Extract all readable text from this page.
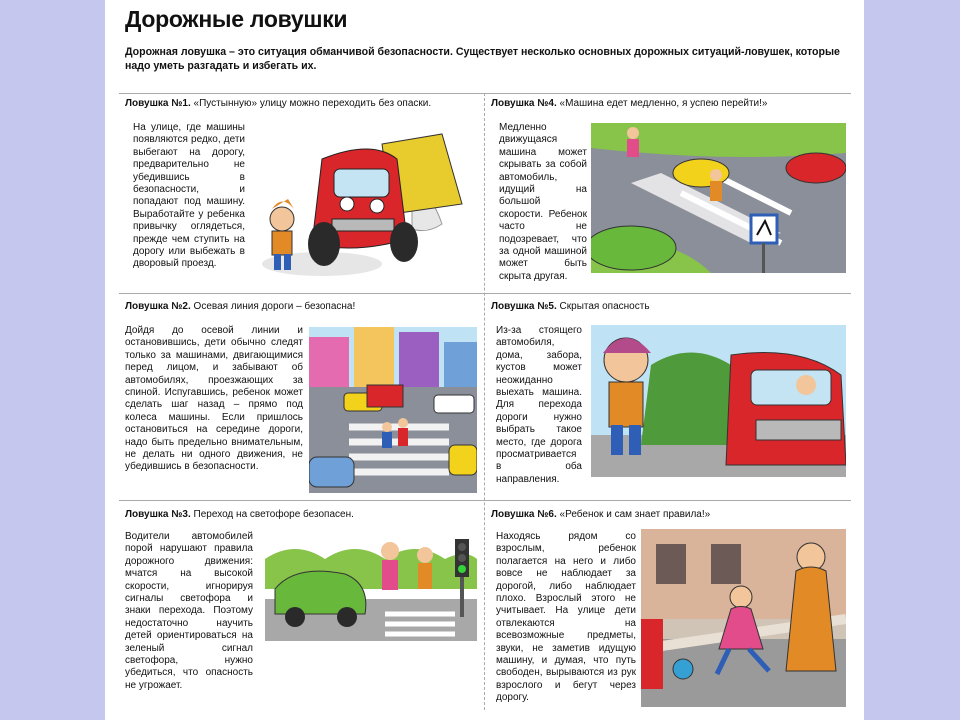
Дорожные ловушки
Дорожная ловушка – это ситуация обманчивой безопасности. Существует несколько основных дорожных ситуаций-ловушек, которые надо уметь разгадать и избегать их.
Ловушка №1. «Пустынную» улицу можно переходить без опаски.
На улице, где машины появляются редко, дети выбегают на дорогу, предварительно не убедившись в безопасности, и попадают под машину. Выработайте у ребенка привычку оглядеться, прежде чем ступить на дорогу или выбежать в дворовый проезд.
Ловушка №4. «Машина едет медленно, я успею перейти!»
Медленно движущаяся машина может скрывать за собой автомобиль, идущий на большой скорости. Ребенок часто не подозревает, что за одной машиной может быть скрыта другая.
Ловушка №2. Осевая линия дороги – безопасна!
Дойдя до осевой линии и остановившись, дети обычно следят только за машинами, двигающимися перед лицом, и забывают об автомобилях, проезжающих за спиной. Испугавшись, ребенок может сделать шаг назад – прямо под колеса машины. Если пришлось остановиться на середине дороги, надо быть предельно внимательным, не делать ни одного движения, не убедившись в безопасности.
Ловушка №5. Скрытая опасность
Из-за стоящего автомобиля, дома, забора, кустов может неожиданно выехать машина. Для перехода дороги нужно выбрать такое место, где дорога просматривается в оба направления.
Ловушка №3. Переход на светофоре безопасен.
Водители автомобилей порой нарушают правила дорожного движения: мчатся на высокой скорости, игнорируя сигналы светофора и знаки перехода. Поэтому недостаточно научить детей ориентироваться на зеленый сигнал светофора, нужно убедиться, что опасность не угрожает.
Ловушка №6. «Ребенок и сам знает правила!»
Находясь рядом со взрослым, ребенок полагается на него и либо вовсе не наблюдает за дорогой, либо наблюдает плохо. Взрослый этого не учитывает. На улице дети отвлекаются на всевозможные предметы, звуки, не заметив идущую машину, и думая, что путь свободен, вырываются из рук взрослого и бегут через дорогу.
